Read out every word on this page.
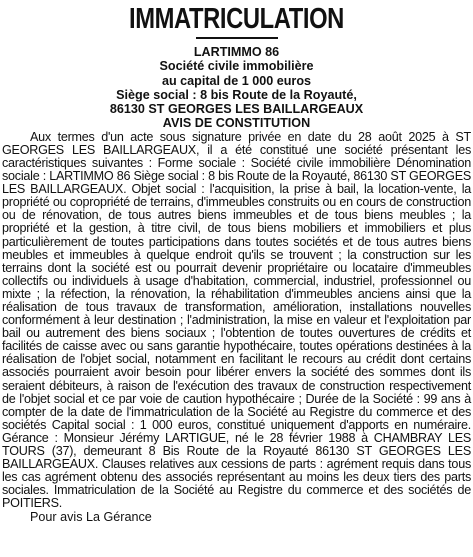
IMMATRICULATION
LARTIMMO 86
Société civile immobilière
au capital de 1 000 euros
Siège social : 8 bis Route de la Royauté,
86130 ST GEORGES LES BAILLARGEAUX
AVIS DE CONSTITUTION

Aux termes d'un acte sous signature privée en date du 28 août 2025 à ST GEORGES LES BAILLARGEAUX, il a été constitué une société présentant les caractéristiques suivantes : Forme sociale : Société civile immobilière Dénomination sociale : LARTIMMO 86 Siège social : 8 bis Route de la Royauté, 86130 ST GEORGES LES BAILLARGEAUX. Objet social : l'acquisition, la prise à bail, la location-vente, la propriété ou copropriété de terrains, d'immeubles construits ou en cours de construction ou de rénovation, de tous autres biens immeubles et de tous biens meubles ; la propriété et la gestion, à titre civil, de tous biens mobiliers et immobiliers et plus particulièrement de toutes participations dans toutes sociétés et de tous autres biens meubles et immeubles à quelque endroit qu'ils se trouvent ; la construction sur les terrains dont la société est ou pourrait devenir propriétaire ou locataire d'immeubles collectifs ou individuels à usage d'habitation, commercial, industriel, professionnel ou mixte ; la réfection, la rénovation, la réhabilitation d'immeubles anciens ainsi que la réalisation de tous travaux de transformation, amélioration, installations nouvelles conformément à leur destination ; l'administration, la mise en valeur et l'exploitation par bail ou autrement des biens sociaux ; l'obtention de toutes ouvertures de crédits et facilités de caisse avec ou sans garantie hypothécaire, toutes opérations destinées à la réalisation de l'objet social, notamment en facilitant le recours au crédit dont certains associés pourraient avoir besoin pour libérer envers la société des sommes dont ils seraient débiteurs, à raison de l'exécution des travaux de construction respectivement de l'objet social et ce par voie de caution hypothécaire ; Durée de la Société : 99 ans à compter de la date de l'immatriculation de la Société au Registre du commerce et des sociétés Capital social : 1 000 euros, constitué uniquement d'apports en numéraire. Gérance : Monsieur Jérémy LARTIGUE, né le 28 février 1988 à CHAMBRAY LES TOURS (37), demeurant 8 Bis Route de la Royauté 86130 ST GEORGES LES BAILLARGEAUX. Clauses relatives aux cessions de parts : agrément requis dans tous les cas agrément obtenu des associés représentant au moins les deux tiers des parts sociales. Immatriculation de la Société au Registre du commerce et des sociétés de POITIERS.

Pour avis La Gérance
